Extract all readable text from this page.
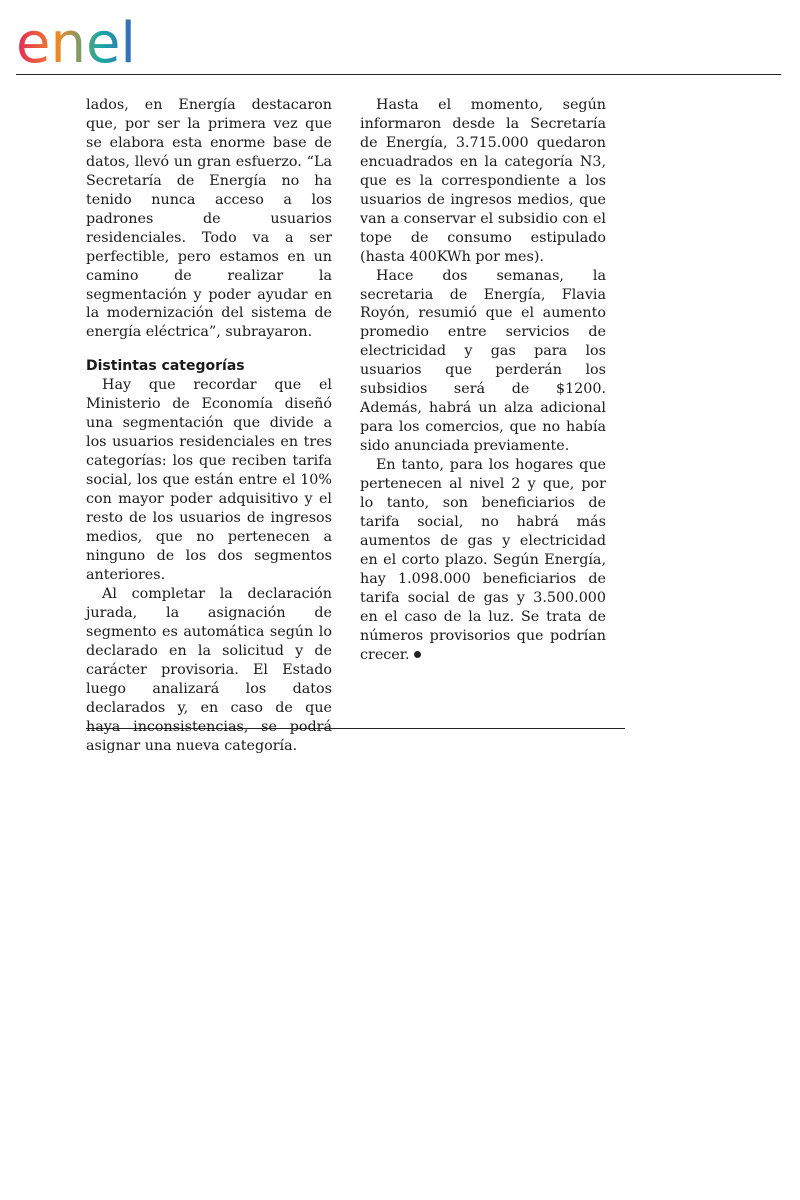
enel

lados, en Energía destacaron que, por ser la primera vez que se elabora esta enorme base de datos, llevó un gran esfuerzo. “La Secretaría de Energía no ha tenido nunca acceso a los padrones de usuarios residenciales. Todo va a ser perfectible, pero estamos en un camino de realizar la segmentación y poder ayudar en la modernización del sistema de energía eléctrica”, subrayaron.

Distintas categorías

Hay que recordar que el Ministerio de Economía diseñó una segmentación que divide a los usuarios residenciales en tres categorías: los que reciben tarifa social, los que están entre el 10% con mayor poder adquisitivo y el resto de los usuarios de ingresos medios, que no pertenecen a ninguno de los dos segmentos anteriores.

Al completar la declaración jurada, la asignación de segmento es automática según lo declarado en la solicitud y de carácter provisoria. El Estado luego analizará los datos declarados y, en caso de que haya inconsistencias, se podrá asignar una nueva categoría.

Hasta el momento, según informaron desde la Secretaría de Energía, 3.715.000 quedaron encuadrados en la categoría N3, que es la correspondiente a los usuarios de ingresos medios, que van a conservar el subsidio con el tope de consumo estipulado (hasta 400KWh por mes).

Hace dos semanas, la secretaria de Energía, Flavia Royón, resumió que el aumento promedio entre servicios de electricidad y gas para los usuarios que perderán los subsidios será de $1200. Además, habrá un alza adicional para los comercios, que no había sido anunciada previamente.

En tanto, para los hogares que pertenecen al nivel 2 y que, por lo tanto, son beneficiarios de tarifa social, no habrá más aumentos de gas y electricidad en el corto plazo. Según Energía, hay 1.098.000 beneficiarios de tarifa social de gas y 3.500.000 en el caso de la luz. Se trata de números provisorios que podrían crecer.
